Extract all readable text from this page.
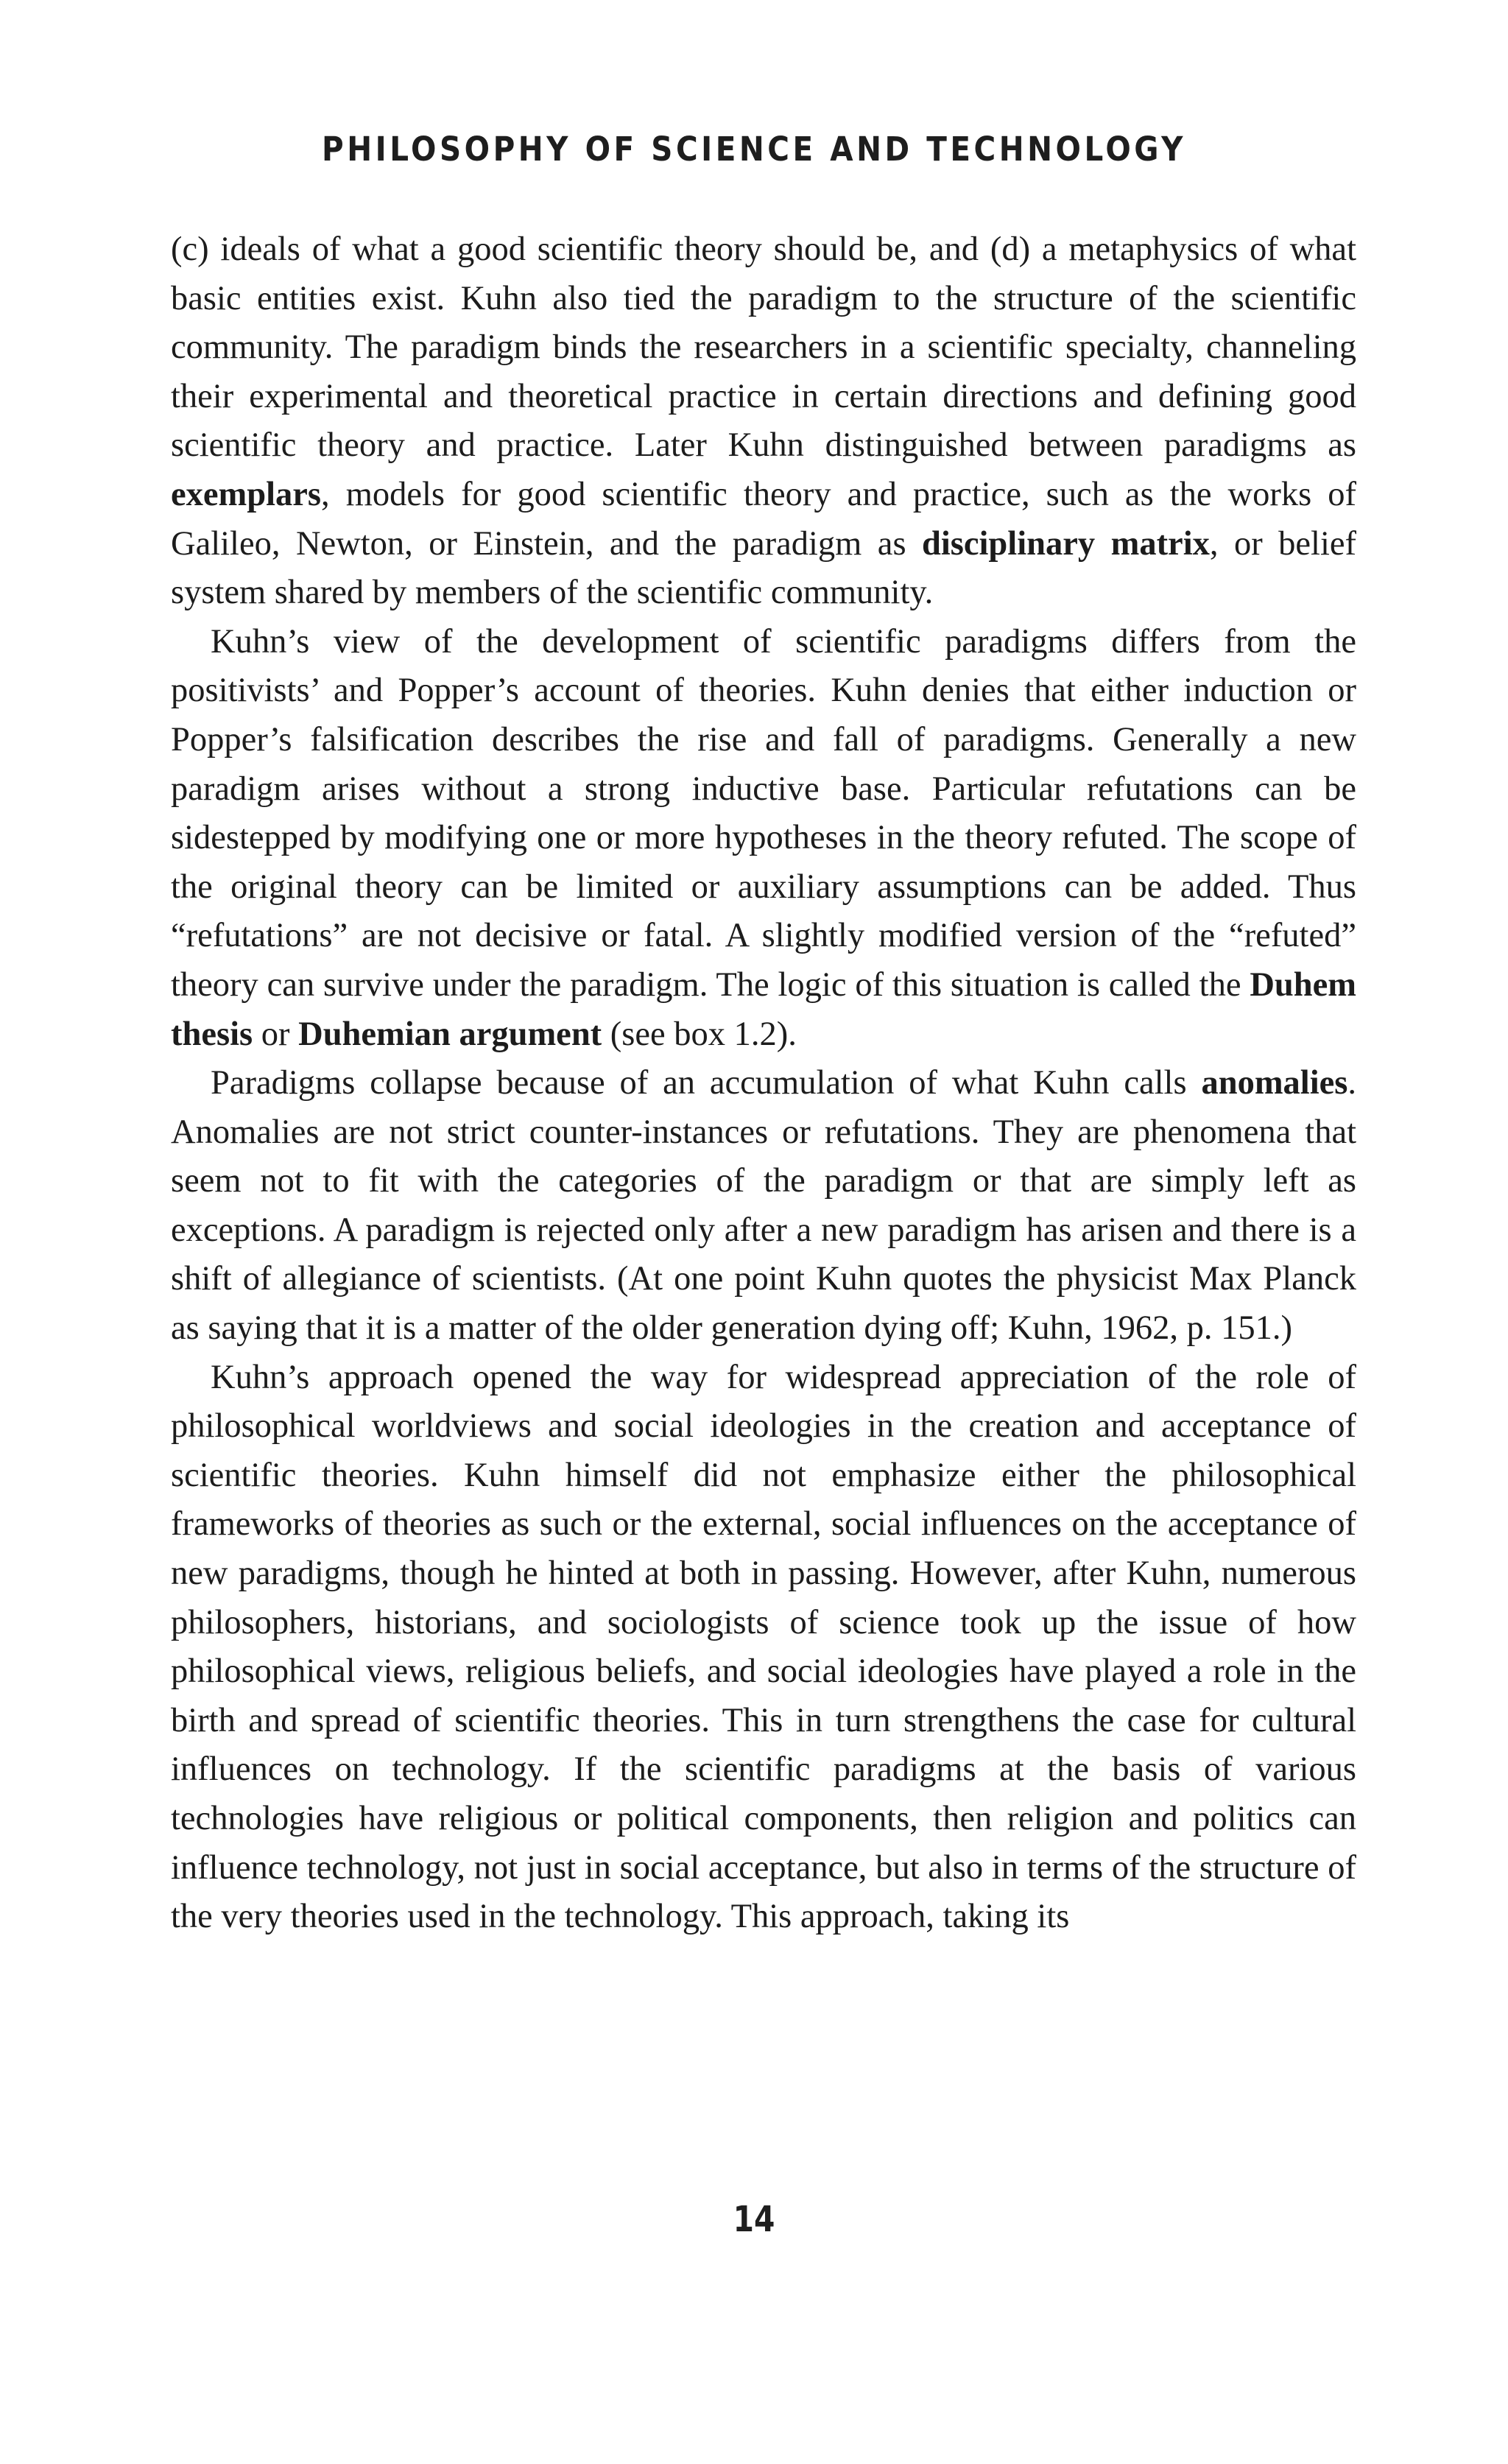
PHILOSOPHY OF SCIENCE AND TECHNOLOGY

(c) ideals of what a good scientific theory should be, and (d) a metaphysics of what basic entities exist. Kuhn also tied the paradigm to the structure of the scientific community. The paradigm binds the researchers in a scientific specialty, channeling their experimental and theoretical practice in certain directions and defining good scientific theory and practice. Later Kuhn distinguished between paradigms as exemplars, models for good scientific theory and practice, such as the works of Galileo, Newton, or Einstein, and the paradigm as disciplinary matrix, or belief system shared by members of the scientific community.

Kuhn’s view of the development of scientific paradigms differs from the positivists’ and Popper’s account of theories. Kuhn denies that either induction or Popper’s falsification describes the rise and fall of paradigms. Generally a new paradigm arises without a strong inductive base. Particular refutations can be sidestepped by modifying one or more hypotheses in the theory refuted. The scope of the original theory can be limited or auxiliary assumptions can be added. Thus “refutations” are not decisive or fatal. A slightly modified version of the “refuted” theory can survive under the paradigm. The logic of this situation is called the Duhem thesis or Duhemian argument (see box 1.2).

Paradigms collapse because of an accumulation of what Kuhn calls anomalies. Anomalies are not strict counter-instances or refutations. They are phenomena that seem not to fit with the categories of the paradigm or that are simply left as exceptions. A paradigm is rejected only after a new paradigm has arisen and there is a shift of allegiance of scientists. (At one point Kuhn quotes the physicist Max Planck as saying that it is a matter of the older generation dying off; Kuhn, 1962, p. 151.)

Kuhn’s approach opened the way for widespread appreciation of the role of philosophical worldviews and social ideologies in the creation and acceptance of scientific theories. Kuhn himself did not emphasize either the philosophical frameworks of theories as such or the external, social influences on the acceptance of new paradigms, though he hinted at both in passing. However, after Kuhn, numerous philosophers, historians, and sociologists of science took up the issue of how philosophical views, religious beliefs, and social ideologies have played a role in the birth and spread of scientific theories. This in turn strengthens the case for cultural influences on technology. If the scientific paradigms at the basis of various technologies have religious or political components, then religion and politics can influence technology, not just in social acceptance, but also in terms of the structure of the very theories used in the technology. This approach, taking its

14
